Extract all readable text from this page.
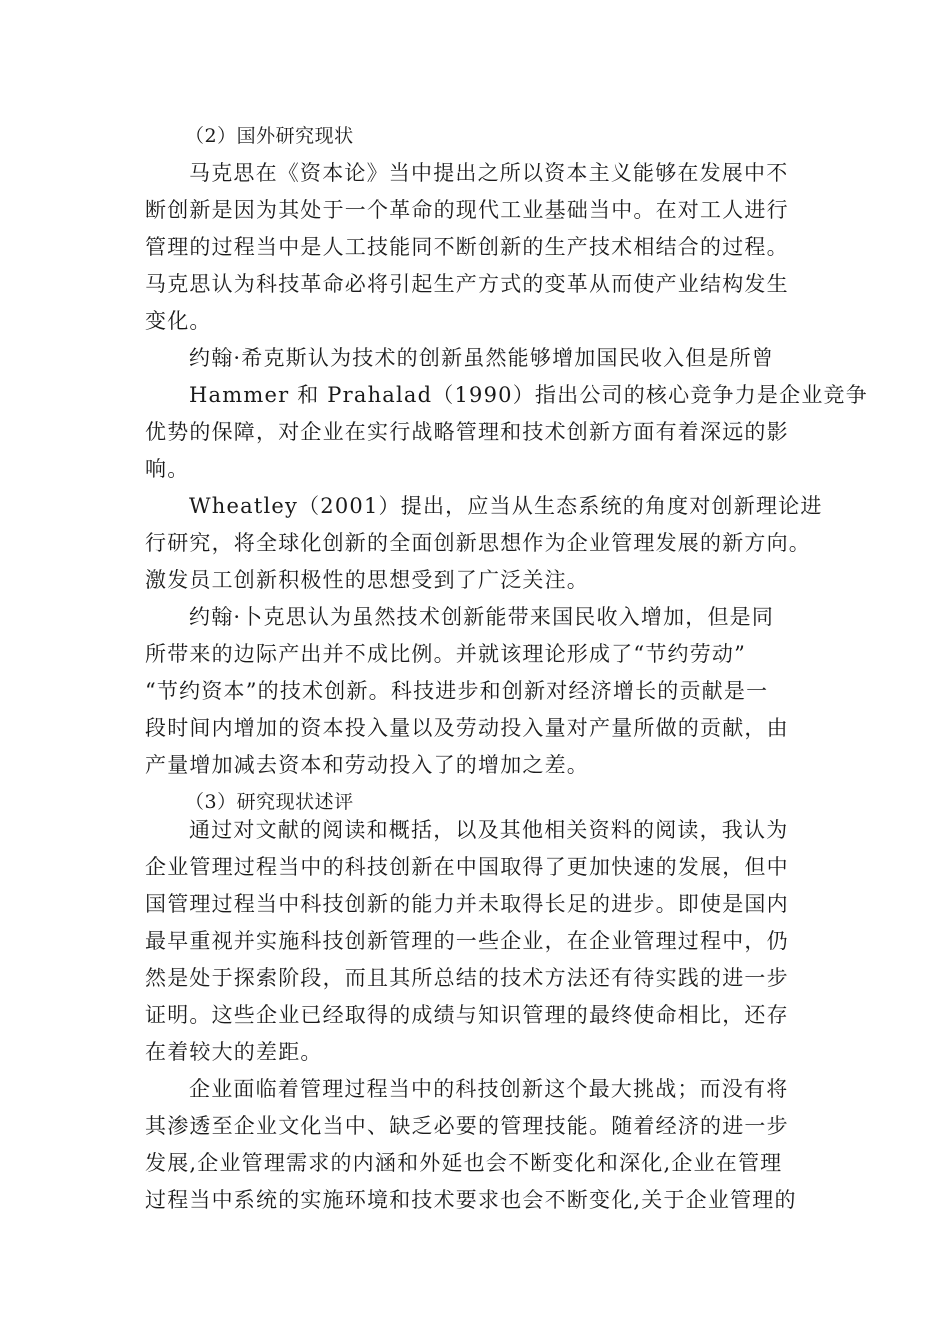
（2）国外研究现状
马克思在《资本论》当中提出之所以资本主义能够在发展中不
断创新是因为其处于一个革命的现代工业基础当中。在对工人进行
管理的过程当中是人工技能同不断创新的生产技术相结合的过程。
马克思认为科技革命必将引起生产方式的变革从而使产业结构发生
变化。
约翰·希克斯认为技术的创新虽然能够增加国民收入但是所曾
Hammer 和 Prahalad（1990）指出公司的核心竞争力是企业竞争
优势的保障，对企业在实行战略管理和技术创新方面有着深远的影
响。
Wheatley（2001）提出，应当从生态系统的角度对创新理论进
行研究，将全球化创新的全面创新思想作为企业管理发展的新方向。
激发员工创新积极性的思想受到了广泛关注。
约翰·卜克思认为虽然技术创新能带来国民收入增加，但是同
所带来的边际产出并不成比例。并就该理论形成了“节约劳动”
“节约资本”的技术创新。科技进步和创新对经济增长的贡献是一
段时间内增加的资本投入量以及劳动投入量对产量所做的贡献，由
产量增加减去资本和劳动投入了的增加之差。
（3）研究现状述评
通过对文献的阅读和概括，以及其他相关资料的阅读，我认为
企业管理过程当中的科技创新在中国取得了更加快速的发展，但中
国管理过程当中科技创新的能力并未取得长足的进步。即使是国内
最早重视并实施科技创新管理的一些企业，在企业管理过程中，仍
然是处于探索阶段，而且其所总结的技术方法还有待实践的进一步
证明。这些企业已经取得的成绩与知识管理的最终使命相比，还存
在着较大的差距。
企业面临着管理过程当中的科技创新这个最大挑战；而没有将
其渗透至企业文化当中、缺乏必要的管理技能。随着经济的进一步
发展,企业管理需求的内涵和外延也会不断变化和深化,企业在管理
过程当中系统的实施环境和技术要求也会不断变化,关于企业管理的
